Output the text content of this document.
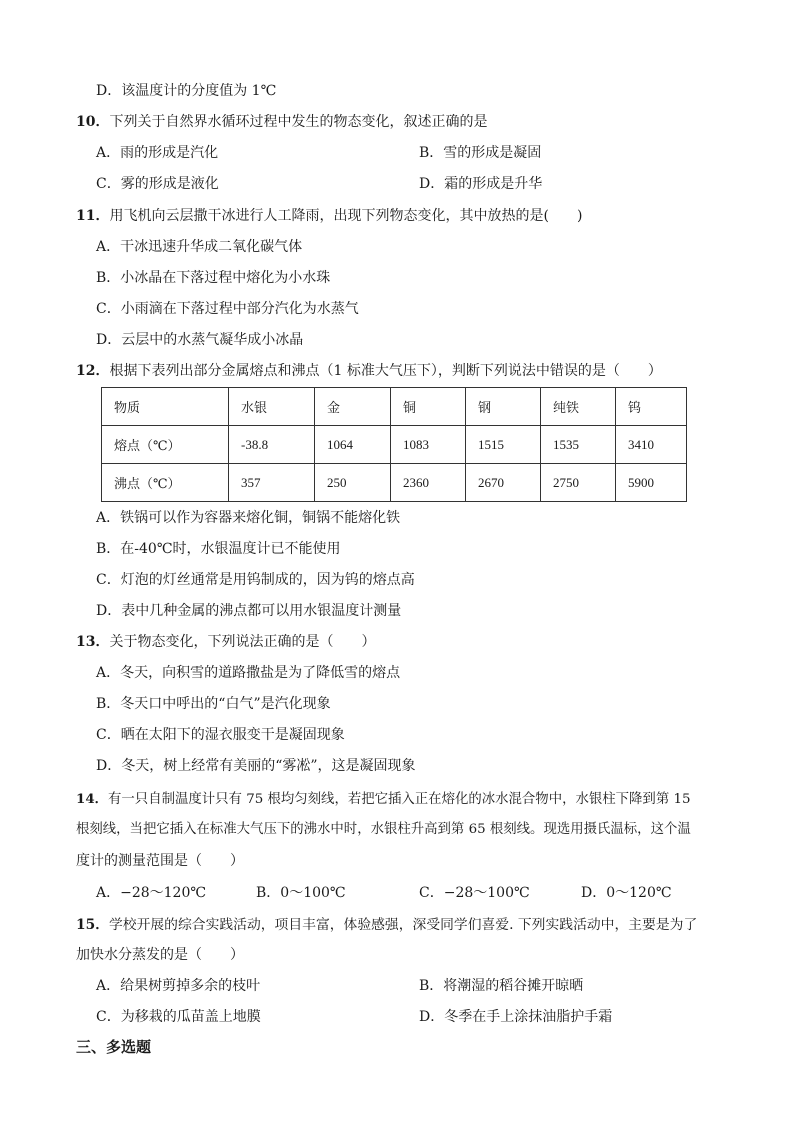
D．该温度计的分度值为 1℃
10．下列关于自然界水循环过程中发生的物态变化，叙述正确的是
A．雨的形成是汽化	B．雪的形成是凝固
C．雾的形成是液化	D．霜的形成是升华
11．用飞机向云层撒干冰进行人工降雨，出现下列物态变化，其中放热的是(　　)
A．干冰迅速升华成二氧化碳气体
B．小冰晶在下落过程中熔化为小水珠
C．小雨滴在下落过程中部分汽化为水蒸气
D．云层中的水蒸气凝华成小冰晶
12．根据下表列出部分金属熔点和沸点（1 标准大气压下），判断下列说法中错误的是（　　）
物质	水银	金	铜	钢	纯铁	钨
熔点（℃）	-38.8	1064	1083	1515	1535	3410
沸点（℃）	357	250	2360	2670	2750	5900
A．铁锅可以作为容器来熔化铜，铜锅不能熔化铁
B．在-40℃时，水银温度计已不能使用
C．灯泡的灯丝通常是用钨制成的，因为钨的熔点高
D．表中几种金属的沸点都可以用水银温度计测量
13．关于物态变化，下列说法正确的是（　　）
A．冬天，向积雪的道路撒盐是为了降低雪的熔点
B．冬天口中呼出的“白气”是汽化现象
C．晒在太阳下的湿衣服变干是凝固现象
D．冬天，树上经常有美丽的“雾凇”，这是凝固现象
14．有一只自制温度计只有 75 根均匀刻线，若把它插入正在熔化的冰水混合物中，水银柱下降到第 15
根刻线，当把它插入在标准大气压下的沸水中时，水银柱升高到第 65 根刻线。现选用摄氏温标，这个温
度计的测量范围是（　　）
A．−28～120℃	B．0～100℃	C．−28～100℃	D．0～120℃
15．学校开展的综合实践活动，项目丰富，体验感强，深受同学们喜爱. 下列实践活动中，主要是为了
加快水分蒸发的是（　　）
A．给果树剪掉多余的枝叶	B．将潮湿的稻谷摊开晾晒
C．为移栽的瓜苗盖上地膜	D．冬季在手上涂抹油脂护手霜
三、多选题
